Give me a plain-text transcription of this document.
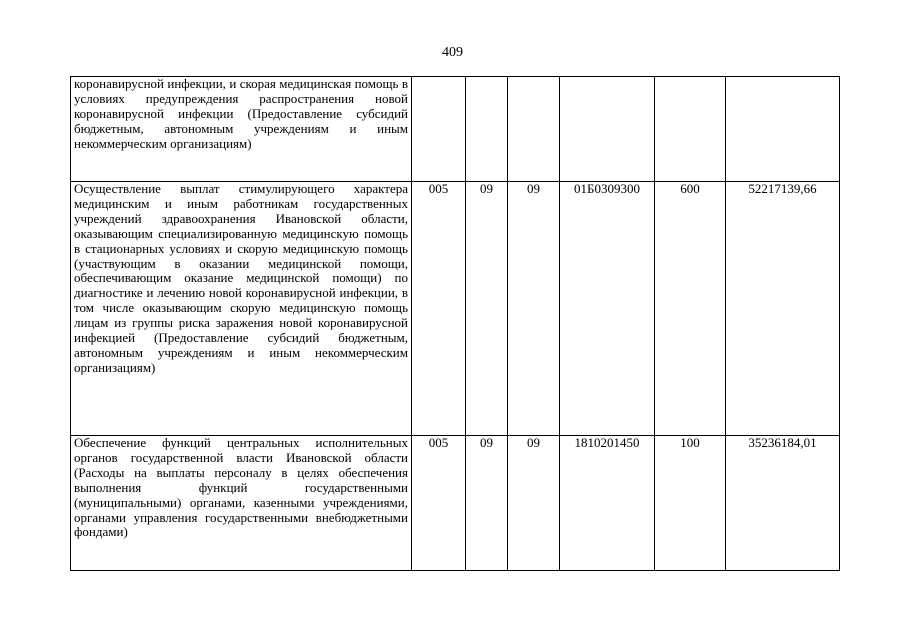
409
коронавирусной инфекции, и скорая медицинская помощь в условиях предупреждения распространения новой коронавирусной инфекции (Предоставление субсидий бюджетным, автономным учреждениям и иным некоммерческим организациям)						
Осуществление выплат стимулирующего характера медицинским и иным работникам государственных учреждений здравоохранения Ивановской области, оказывающим специализированную медицинскую помощь в стационарных условиях и скорую медицинскую помощь (участвующим в оказании медицинской помощи, обеспечивающим оказание медицинской помощи) по диагностике и лечению новой коронавирусной инфекции, в том числе оказывающим скорую медицинскую помощь лицам из группы риска заражения новой коронавирусной инфекцией (Предоставление субсидий бюджетным, автономным учреждениям и иным некоммерческим организациям)	005	09	09	01Б0309300	600	52217139,66
Обеспечение функций центральных исполнительных органов государственной власти Ивановской области (Расходы на выплаты персоналу в целях обеспечения выполнения функций государственными (муниципальными) органами, казенными учреждениями, органами управления государственными внебюджетными фондами)	005	09	09	1810201450	100	35236184,01
